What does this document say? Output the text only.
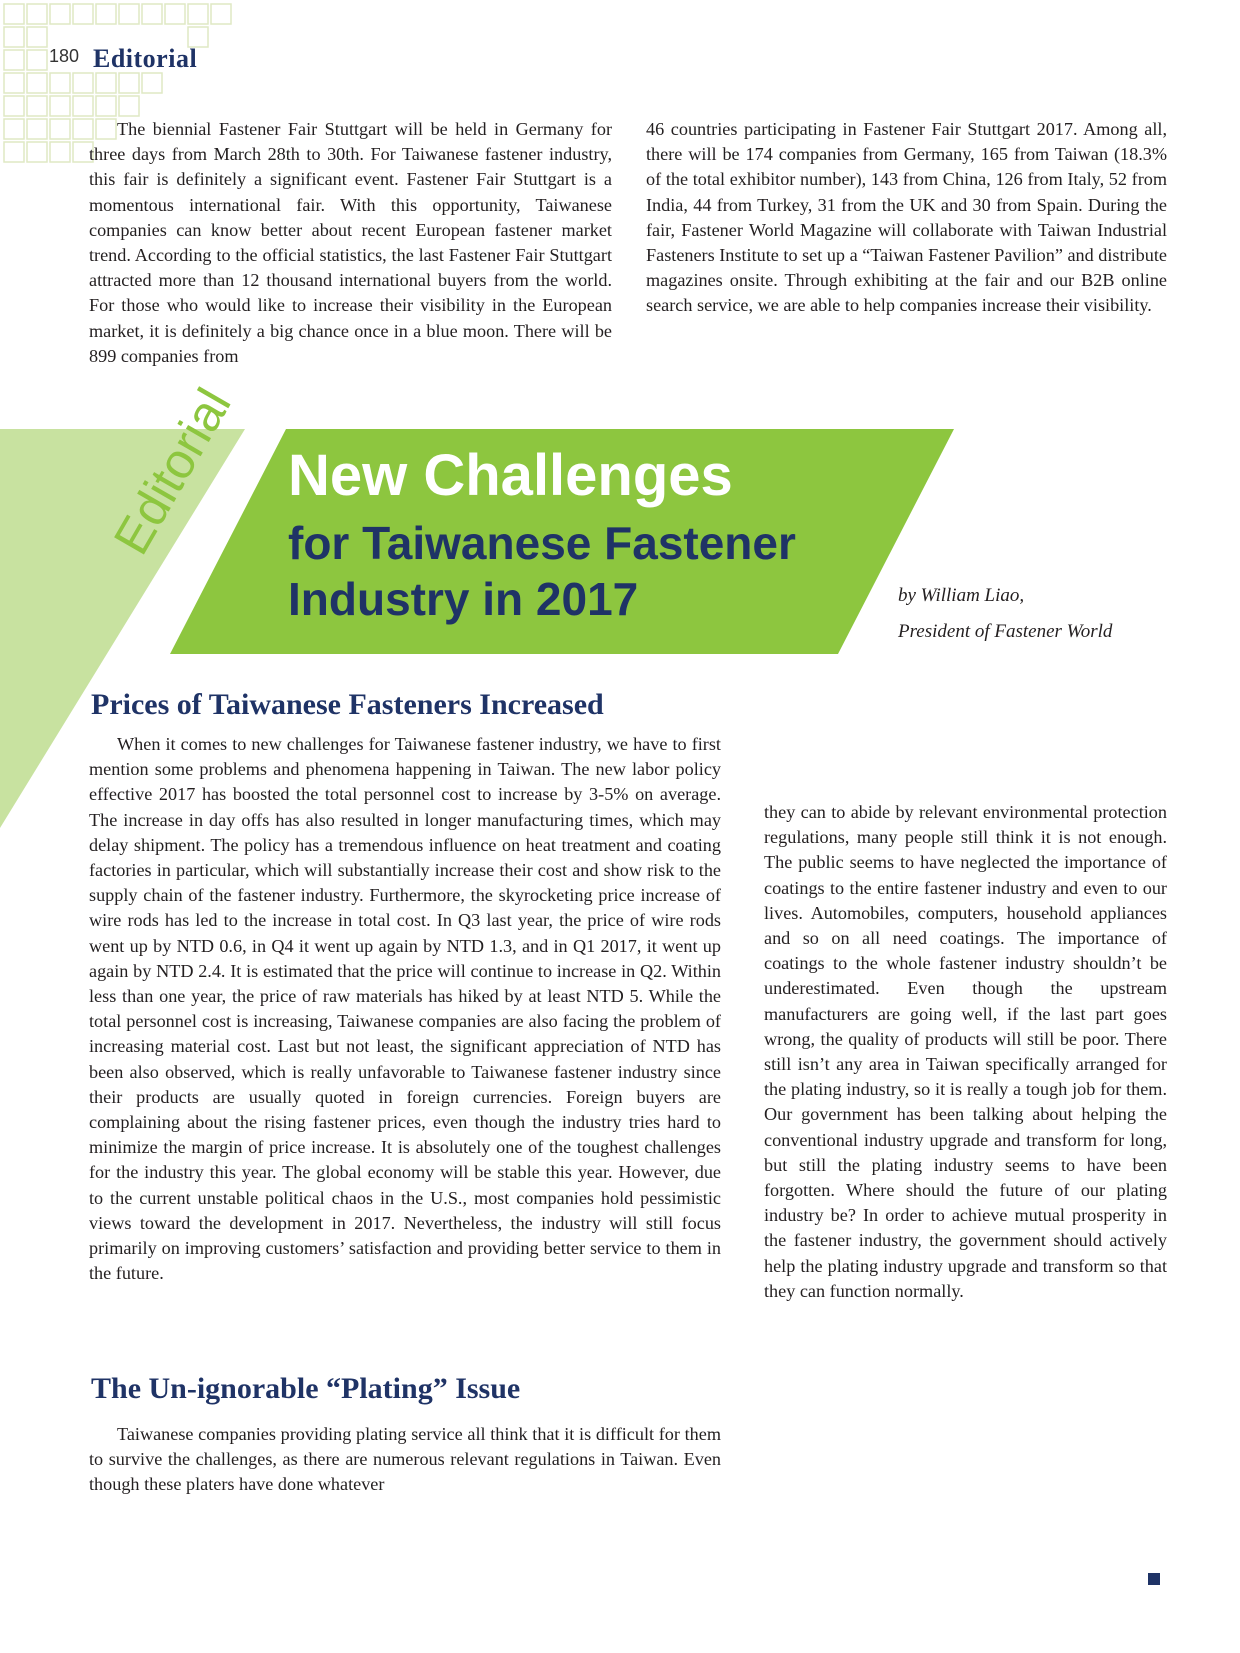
180 Editorial

The biennial Fastener Fair Stuttgart will be held in Germany for three days from March 28th to 30th. For Taiwanese fastener industry, this fair is definitely a significant event. Fastener Fair Stuttgart is a momentous international fair. With this opportunity, Taiwanese companies can know better about recent European fastener market trend. According to the official statistics, the last Fastener Fair Stuttgart attracted more than 12 thousand international buyers from the world. For those who would like to increase their visibility in the European market, it is definitely a big chance once in a blue moon. There will be 899 companies from

46 countries participating in Fastener Fair Stuttgart 2017. Among all, there will be 174 companies from Germany, 165 from Taiwan (18.3% of the total exhibitor number), 143 from China, 126 from Italy, 52 from India, 44 from Turkey, 31 from the UK and 30 from Spain. During the fair, Fastener World Magazine will collaborate with Taiwan Industrial Fasteners Institute to set up a “Taiwan Fastener Pavilion” and distribute magazines onsite. Through exhibiting at the fair and our B2B online search service, we are able to help companies increase their visibility.

Editorial New Challenges
for Taiwanese Fastener
Industry in 2017	by William Liao,
President of Fastener World
Prices of Taiwanese Fasteners Increased

When it comes to new challenges for Taiwanese fastener industry, we have to first mention some problems and phenomena happening in Taiwan. The new labor policy effective 2017 has boosted the total personnel cost to increase by 3-5% on average. The increase in day offs has also resulted in longer manufacturing times, which may delay shipment. The policy has a tremendous influence on heat treatment and coating factories in particular, which will substantially increase their cost and show risk to the supply chain of the fastener industry. Furthermore, the skyrocketing price increase of wire rods has led to the increase in total cost. In Q3 last year, the price of wire rods went up by NTD 0.6, in Q4 it went up again by NTD 1.3, and in Q1 2017, it went up again by NTD 2.4. It is estimated that the price will continue to increase in Q2. Within less than one year, the price of raw materials has hiked by at least NTD 5. While the total personnel cost is increasing, Taiwanese companies are also facing the problem of increasing material cost. Last but not least, the significant appreciation of NTD has been also observed, which is really unfavorable to Taiwanese fastener industry since their products are usually quoted in foreign currencies. Foreign buyers are complaining about the rising fastener prices, even though the industry tries hard to minimize the margin of price increase. It is absolutely one of the toughest challenges for the industry this year. The global economy will be stable this year. However, due to the current unstable political chaos in the U.S., most companies hold pessimistic views toward the development in 2017. Nevertheless, the industry will still focus primarily on improving customers’ satisfaction and providing better service to them in the future.

The Un-ignorable “Plating” Issue

Taiwanese companies providing plating service all think that it is difficult for them to survive the challenges, as there are numerous relevant regulations in Taiwan. Even though these platers have done whatever

they can to abide by relevant environmental protection regulations, many people still think it is not enough. The public seems to have neglected the importance of coatings to the entire fastener industry and even to our lives. Automobiles, computers, household appliances and so on all need coatings. The importance of coatings to the whole fastener industry shouldn’t be underestimated. Even though the upstream manufacturers are going well, if the last part goes wrong, the quality of products will still be poor. There still isn’t any area in Taiwan specifically arranged for the plating industry, so it is really a tough job for them. Our government has been talking about helping the conventional industry upgrade and transform for long, but still the plating industry seems to have been forgotten. Where should the future of our plating industry be? In order to achieve mutual prosperity in the fastener industry, the government should actively help the plating industry upgrade and transform so that they can function normally.
